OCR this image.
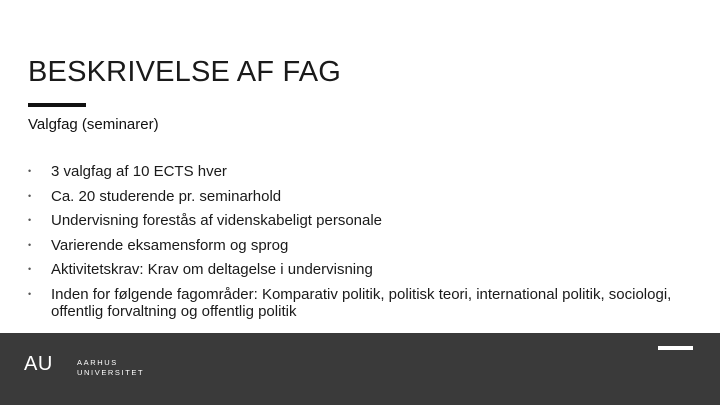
BESKRIVELSE AF FAG
Valgfag (seminarer)
• 3 valgfag af 10 ECTS hver
• Ca. 20 studerende pr. seminarhold
• Undervisning forestås af videnskabeligt personale
• Varierende eksamensform og sprog
• Aktivitetskrav: Krav om deltagelse i undervisning
• Inden for følgende fagområder: Komparativ politik, politisk teori, international politik, sociologi, offentlig forvaltning og offentlig politik
AU	AARHUS
UNIVERSITET
